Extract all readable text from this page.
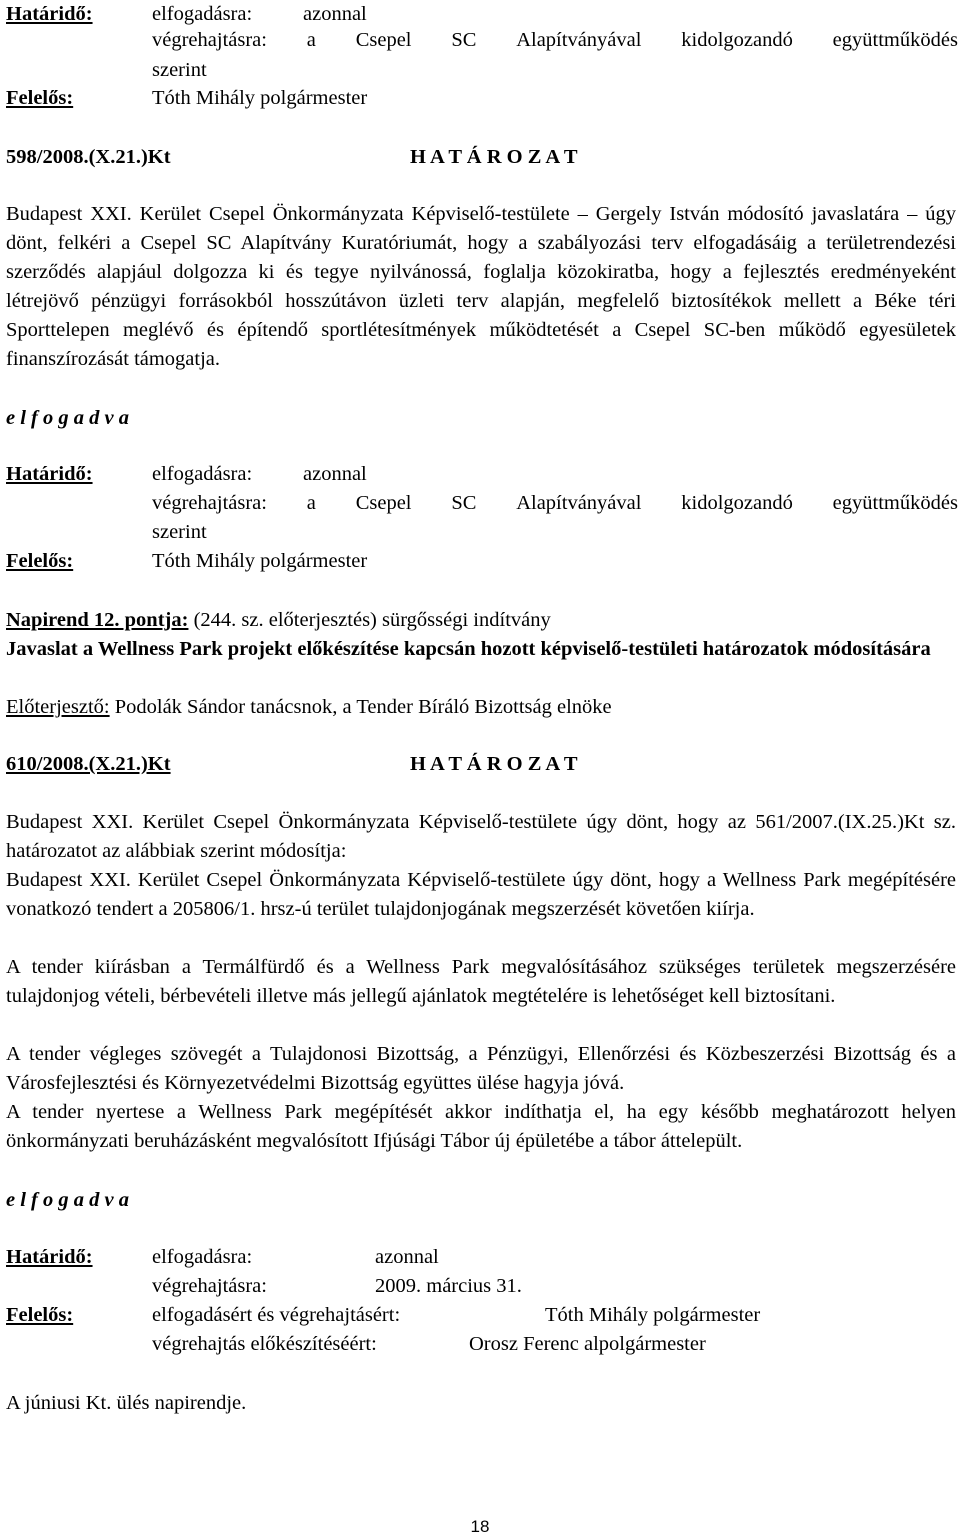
Határidő:	elfogadásra: azonnal
végrehajtásra: a Csepel SC Alapítványával kidolgozandó együttműködés
szerint
Felelős:	Tóth Mihály polgármester
598/2008.(X.21.)Kt	H A T Á R O Z A T
Budapest XXI. Kerület Csepel Önkormányzata Képviselő-testülete – Gergely István módosító javaslatára – úgy dönt, felkéri a Csepel SC Alapítvány Kuratóriumát, hogy a szabályozási terv elfogadásáig a területrendezési szerződés alapjául dolgozza ki és tegye nyilvánossá, foglalja közokiratba, hogy a fejlesztés eredményeként létrejövő pénzügyi forrásokból hosszútávon üzleti terv alapján, megfelelő biztosítékok mellett a Béke téri Sporttelepen meglévő és építendő sportlétesítmények működtetését a Csepel SC-ben működő egyesületek finanszírozását támogatja.
e l f o g a d v a
Határidő:	elfogadásra: azonnal
végrehajtásra: a Csepel SC Alapítványával kidolgozandó együttműködés
szerint
Felelős:	Tóth Mihály polgármester
Napirend 12. pontja: (244. sz. előterjesztés) sürgősségi indítvány
Javaslat a Wellness Park projekt előkészítése kapcsán hozott képviselő-testületi határozatok módosítására
Előterjesztő: Podolák Sándor tanácsnok, a Tender Bíráló Bizottság elnöke
610/2008.(X.21.)Kt	H A T Á R O Z A T
Budapest XXI. Kerület Csepel Önkormányzata Képviselő-testülete úgy dönt, hogy az 561/2007.(IX.25.)Kt sz. határozatot az alábbiak szerint módosítja:
Budapest XXI. Kerület Csepel Önkormányzata Képviselő-testülete úgy dönt, hogy a Wellness Park megépítésére vonatkozó tendert a 205806/1. hrsz-ú terület tulajdonjogának megszerzését követően kiírja.
A tender kiírásban a Termálfürdő és a Wellness Park megvalósításához szükséges területek megszerzésére tulajdonjog vételi, bérbevételi illetve más jellegű ajánlatok megtételére is lehetőséget kell biztosítani.
A tender végleges szövegét a Tulajdonosi Bizottság, a Pénzügyi, Ellenőrzési és Közbeszerzési Bizottság és a Városfejlesztési és Környezetvédelmi Bizottság együttes ülése hagyja jóvá.
A tender nyertese a Wellness Park megépítését akkor indíthatja el, ha egy később meghatározott helyen önkormányzati beruházásként megvalósított Ifjúsági Tábor új épületébe a tábor áttelepült.
e l f o g a d v a
Határidő:	elfogadásra:	azonnal
végrehajtásra:	2009. március 31.
Felelős:	elfogadásért és végrehajtásért:	Tóth Mihály polgármester
végrehajtás előkészítéséért:	Orosz Ferenc alpolgármester
A júniusi Kt. ülés napirendje.
18
